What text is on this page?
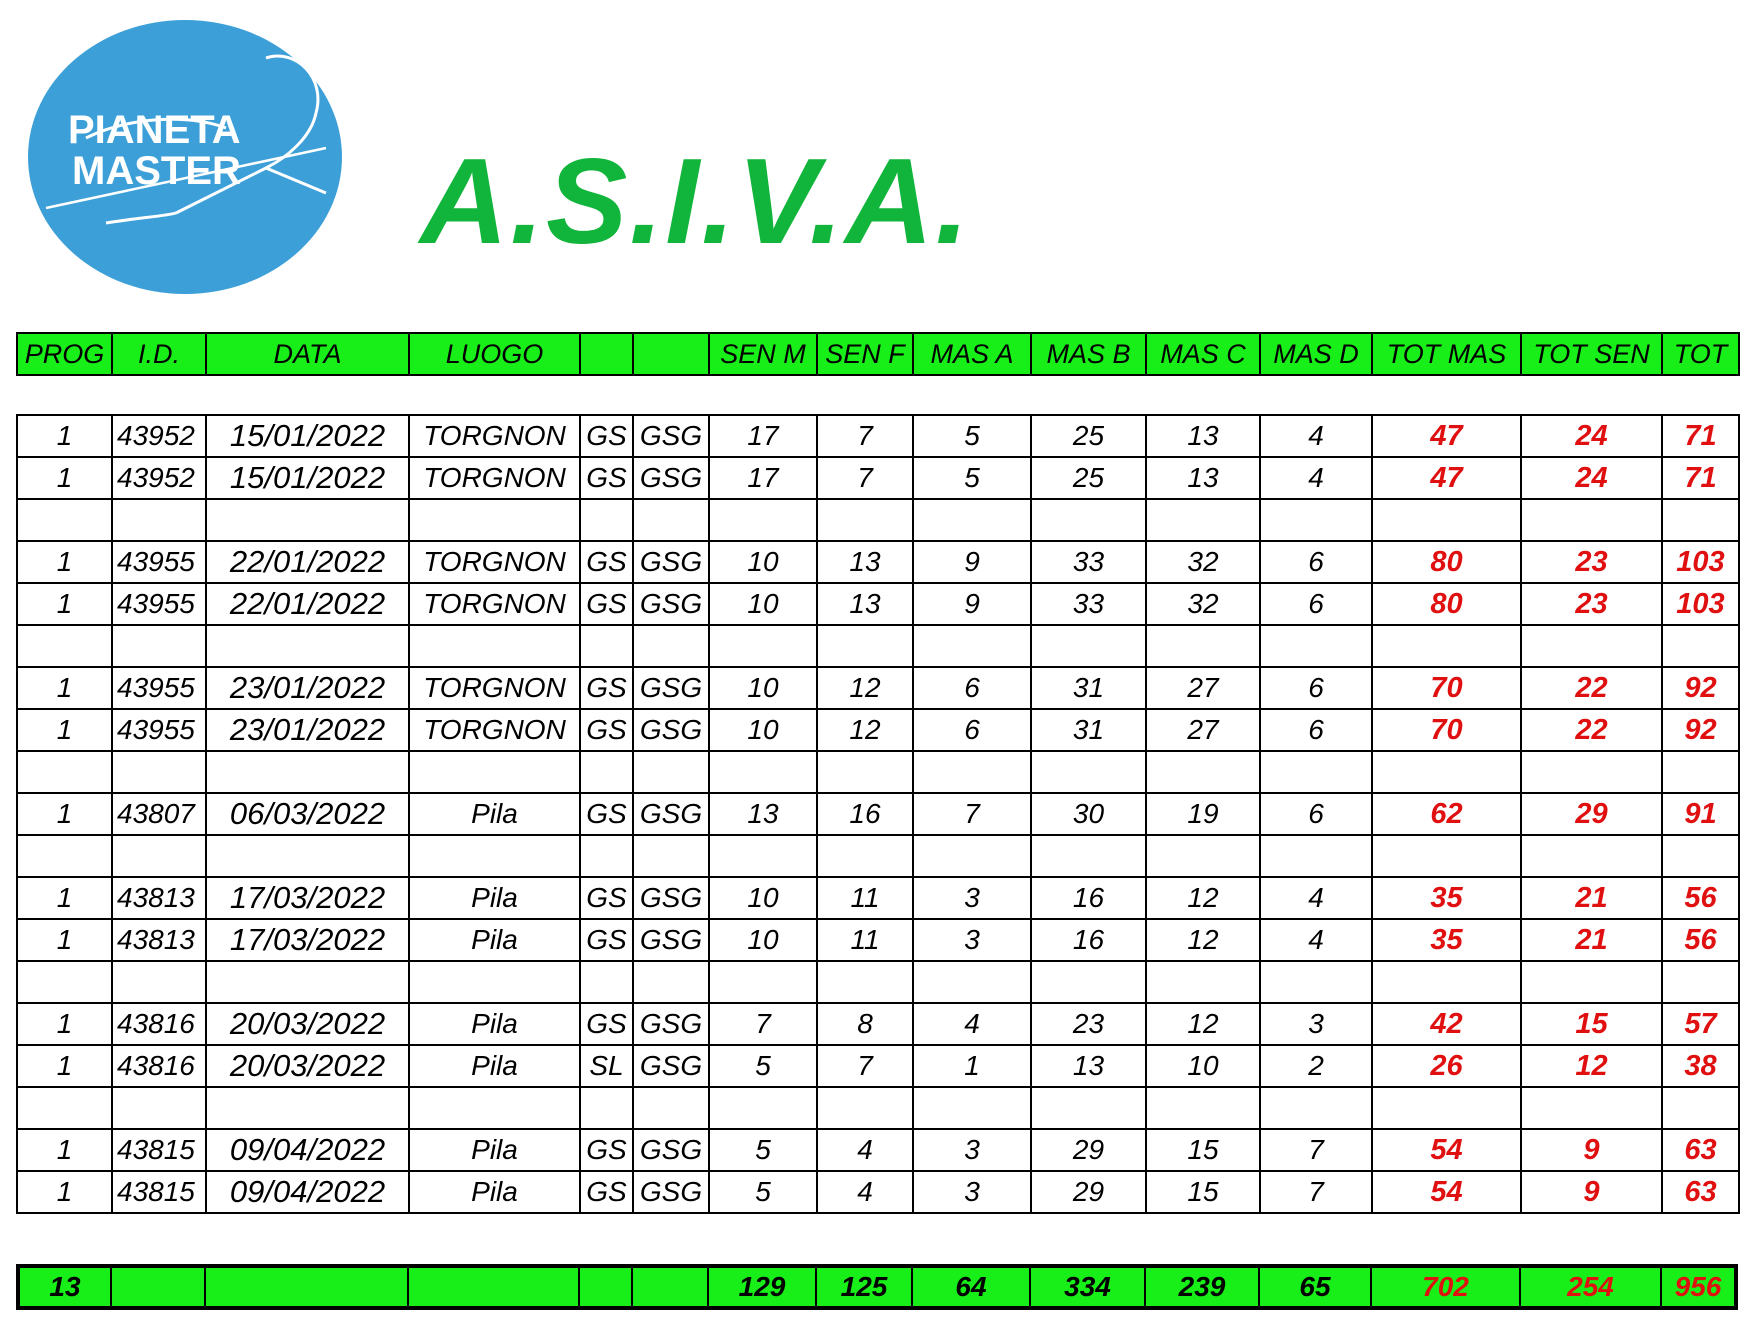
PIANETA
MASTER A.S.I.V.A.
PROG	I.D.	DATA	LUOGO			SEN M	SEN F	MAS A	MAS B	MAS C	MAS D	TOT MAS	TOT SEN	TOT
1	43952	15/01/2022	TORGNON	GS	GSG	17	7	5	25	13	4	47	24	71
1	43952	15/01/2022	TORGNON	GS	GSG	17	7	5	25	13	4	47	24	71

1	43955	22/01/2022	TORGNON	GS	GSG	10	13	9	33	32	6	80	23	103
1	43955	22/01/2022	TORGNON	GS	GSG	10	13	9	33	32	6	80	23	103

1	43955	23/01/2022	TORGNON	GS	GSG	10	12	6	31	27	6	70	22	92
1	43955	23/01/2022	TORGNON	GS	GSG	10	12	6	31	27	6	70	22	92

1	43807	06/03/2022	Pila	GS	GSG	13	16	7	30	19	6	62	29	91

1	43813	17/03/2022	Pila	GS	GSG	10	11	3	16	12	4	35	21	56
1	43813	17/03/2022	Pila	GS	GSG	10	11	3	16	12	4	35	21	56

1	43816	20/03/2022	Pila	GS	GSG	7	8	4	23	12	3	42	15	57
1	43816	20/03/2022	Pila	SL	GSG	5	7	1	13	10	2	26	12	38

1	43815	09/04/2022	Pila	GS	GSG	5	4	3	29	15	7	54	9	63
1	43815	09/04/2022	Pila	GS	GSG	5	4	3	29	15	7	54	9	63
13						129	125	64	334	239	65	702	254	956
